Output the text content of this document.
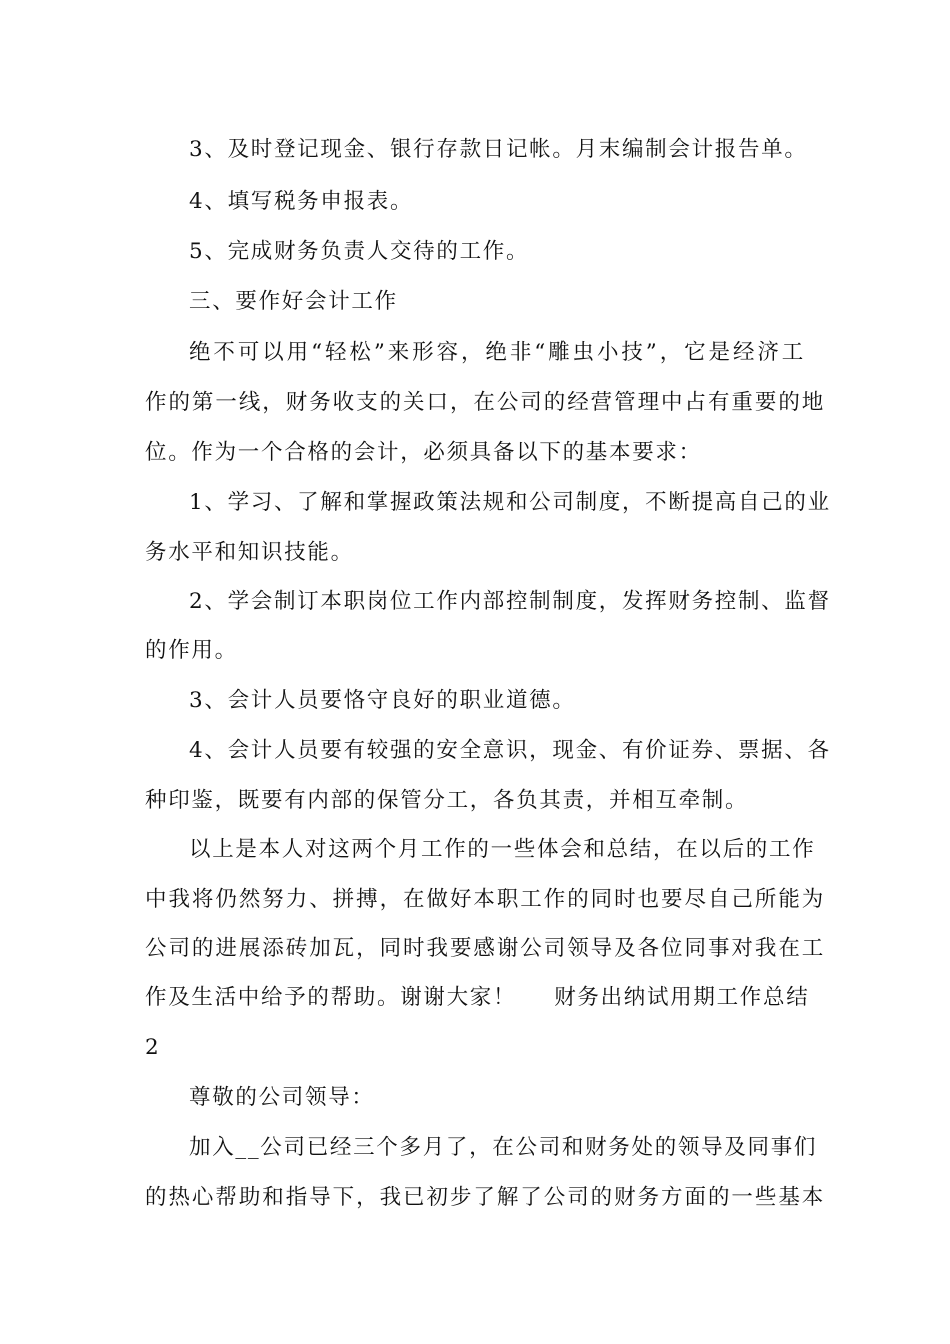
3、及时登记现金、银行存款日记帐。月末编制会计报告单。
4、填写税务申报表。
5、完成财务负责人交待的工作。
三、要作好会计工作
绝不可以用“轻松”来形容，绝非“雕虫小技”，它是经济工
作的第一线，财务收支的关口，在公司的经营管理中占有重要的地
位。作为一个合格的会计，必须具备以下的基本要求：
1、学习、了解和掌握政策法规和公司制度，不断提高自己的业
务水平和知识技能。
2、学会制订本职岗位工作内部控制制度，发挥财务控制、监督
的作用。
3、会计人员要恪守良好的职业道德。
4、会计人员要有较强的安全意识，现金、有价证券、票据、各
种印鉴，既要有内部的保管分工，各负其责，并相互牵制。
以上是本人对这两个月工作的一些体会和总结，在以后的工作
中我将仍然努力、拼搏，在做好本职工作的同时也要尽自己所能为
公司的进展添砖加瓦，同时我要感谢公司领导及各位同事对我在工
作及生活中给予的帮助。谢谢大家！ 财务出纳试用期工作总结
2
尊敬的公司领导：
加入__公司已经三个多月了，在公司和财务处的领导及同事们
的热心帮助和指导下，我已初步了解了公司的财务方面的一些基本
